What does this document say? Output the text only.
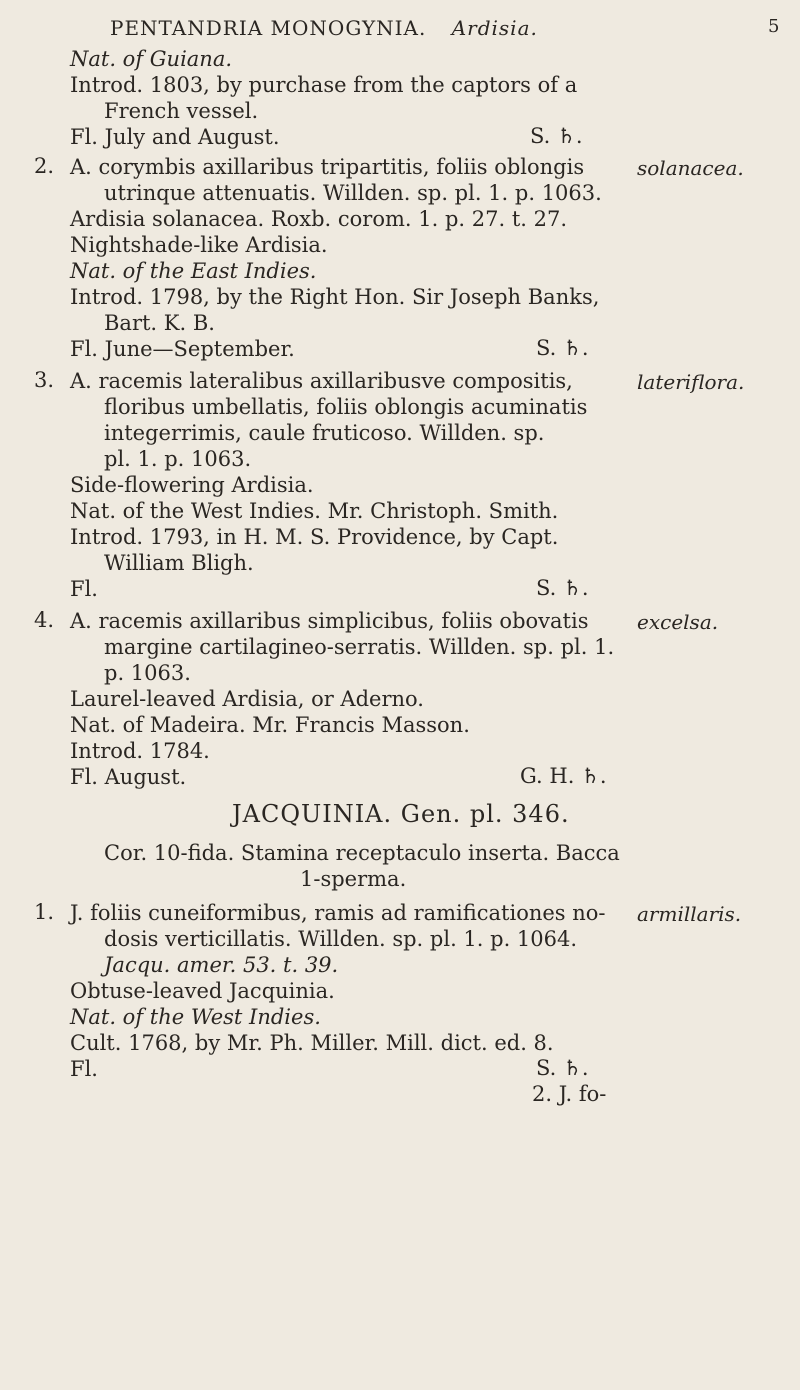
PENTANDRIA MONOGYNIA. Ardisia.	5
Nat. of Guiana.
Introd. 1803, by purchase from the captors of a
French vessel.
Fl. July and August.	S. ♄.
2. A. corymbis axillaribus tripartitis, foliis oblongis	solanacea.
utrinque attenuatis. Willden. sp. pl. 1. p. 1063.
Ardisia solanacea. Roxb. corom. 1. p. 27. t. 27.
Nightshade-like Ardisia.
Nat. of the East Indies.
Introd. 1798, by the Right Hon. Sir Joseph Banks,
Bart. K. B.
Fl. June—September.	S. ♄.
3. A. racemis lateralibus axillaribusve compositis,	lateriflora.
floribus umbellatis, foliis oblongis acuminatis
integerrimis, caule fruticoso. Willden. sp.
pl. 1. p. 1063.
Side-flowering Ardisia.
Nat. of the West Indies. Mr. Christoph. Smith.
Introd. 1793, in H. M. S. Providence, by Capt.
William Bligh.
Fl.	S. ♄.
4. A. racemis axillaribus simplicibus, foliis obovatis excelsa.
margine cartilagineo-serratis. Willden. sp. pl. 1.
p. 1063.
Laurel-leaved Ardisia, or Aderno.
Nat. of Madeira. Mr. Francis Masson.
Introd. 1784.
Fl. August.	G. H. ♄.
JACQUINIA. Gen. pl. 346.
Cor. 10-fida. Stamina receptaculo inserta. Bacca
1-sperma.
1. J. foliis cuneiformibus, ramis ad ramificationes no- armillaris.
dosis verticillatis. Willden. sp. pl. 1. p. 1064.
Jacqu. amer. 53. t. 39.
Obtuse-leaved Jacquinia.
Nat. of the West Indies.
Cult. 1768, by Mr. Ph. Miller. Mill. dict. ed. 8.
Fl.	S. ♄.
2. J. fo-
